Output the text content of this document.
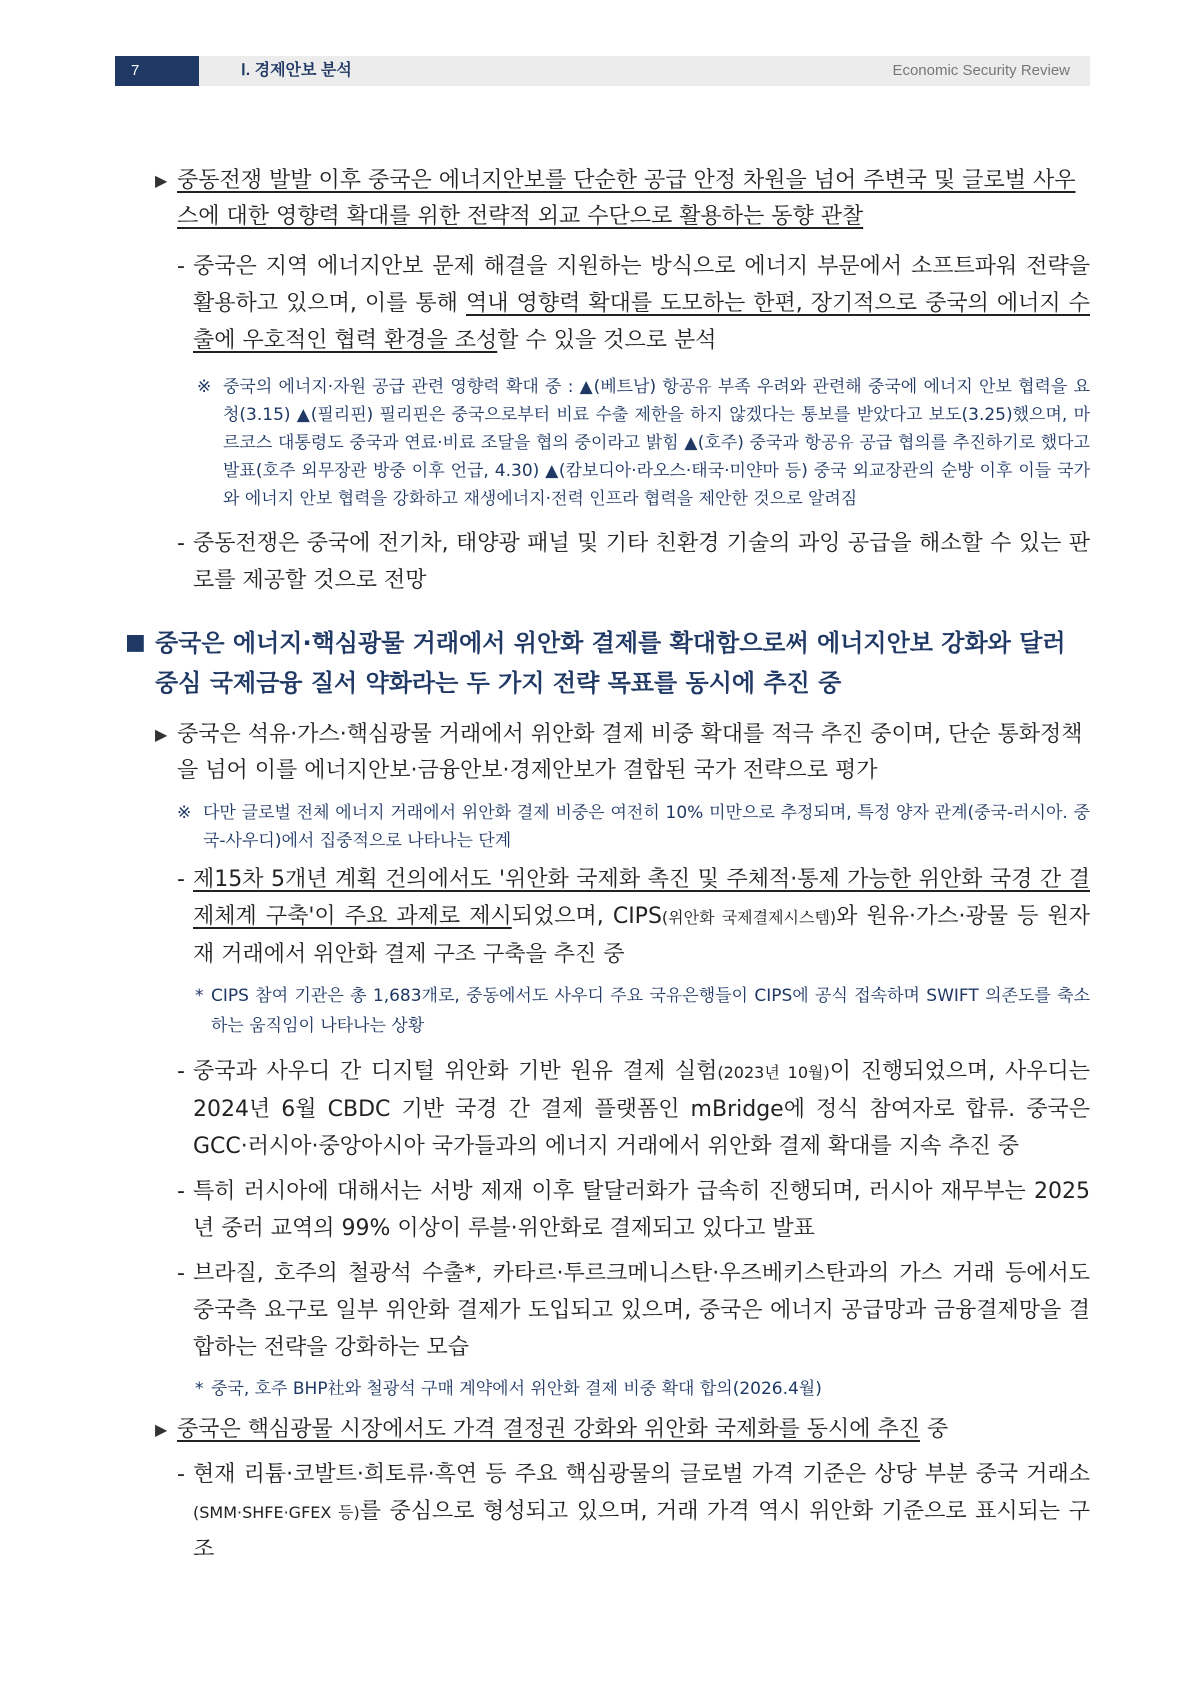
7	Ⅰ. 경제안보 분석	Economic Security Review
▶ 중동전쟁 발발 이후 중국은 에너지안보를 단순한 공급 안정 차원을 넘어 주변국 및 글로벌 사우스에 대한 영향력 확대를 위한 전략적 외교 수단으로 활용하는 동향 관찰
- 중국은 지역 에너지안보 문제 해결을 지원하는 방식으로 에너지 부문에서 소프트파워 전략을 활용하고 있으며, 이를 통해 역내 영향력 확대를 도모하는 한편, 장기적으로 중국의 에너지 수출에 우호적인 협력 환경을 조성할 수 있을 것으로 분석
※ 중국의 에너지·자원 공급 관련 영향력 확대 중 : ▲(베트남) 항공유 부족 우려와 관련해 중국에 에너지 안보 협력을 요청(3.15) ▲(필리핀) 필리핀은 중국으로부터 비료 수출 제한을 하지 않겠다는 통보를 받았다고 보도(3.25)했으며, 마르코스 대통령도 중국과 연료·비료 조달을 협의 중이라고 밝힘 ▲(호주) 중국과 항공유 공급 협의를 추진하기로 했다고 발표(호주 외무장관 방중 이후 언급, 4.30) ▲(캄보디아·라오스·태국·미얀마 등) 중국 외교장관의 순방 이후 이들 국가와 에너지 안보 협력을 강화하고 재생에너지·전력 인프라 협력을 제안한 것으로 알려짐
- 중동전쟁은 중국에 전기차, 태양광 패널 및 기타 친환경 기술의 과잉 공급을 해소할 수 있는 판로를 제공할 것으로 전망
■ 중국은 에너지·핵심광물 거래에서 위안화 결제를 확대함으로써 에너지안보 강화와 달러 중심 국제금융 질서 약화라는 두 가지 전략 목표를 동시에 추진 중
▶ 중국은 석유·가스·핵심광물 거래에서 위안화 결제 비중 확대를 적극 추진 중이며, 단순 통화정책을 넘어 이를 에너지안보·금융안보·경제안보가 결합된 국가 전략으로 평가
※ 다만 글로벌 전체 에너지 거래에서 위안화 결제 비중은 여전히 10% 미만으로 추정되며, 특정 양자 관계(중국-러시아. 중국-사우디)에서 집중적으로 나타나는 단계
- 제15차 5개년 계획 건의에서도 '위안화 국제화 촉진 및 주체적·통제 가능한 위안화 국경 간 결제체계 구축'이 주요 과제로 제시되었으며, CIPS(위안화 국제결제시스템)와 원유·가스·광물 등 원자재 거래에서 위안화 결제 구조 구축을 추진 중
* CIPS 참여 기관은 총 1,683개로, 중동에서도 사우디 주요 국유은행들이 CIPS에 공식 접속하며 SWIFT 의존도를 축소하는 움직임이 나타나는 상황
- 중국과 사우디 간 디지털 위안화 기반 원유 결제 실험(2023년 10월)이 진행되었으며, 사우디는 2024년 6월 CBDC 기반 국경 간 결제 플랫폼인 mBridge에 정식 참여자로 합류. 중국은 GCC·러시아·중앙아시아 국가들과의 에너지 거래에서 위안화 결제 확대를 지속 추진 중
- 특히 러시아에 대해서는 서방 제재 이후 탈달러화가 급속히 진행되며, 러시아 재무부는 2025년 중러 교역의 99% 이상이 루블·위안화로 결제되고 있다고 발표
- 브라질, 호주의 철광석 수출*, 카타르·투르크메니스탄·우즈베키스탄과의 가스 거래 등에서도 중국측 요구로 일부 위안화 결제가 도입되고 있으며, 중국은 에너지 공급망과 금융결제망을 결합하는 전략을 강화하는 모습
* 중국, 호주 BHP社와 철광석 구매 계약에서 위안화 결제 비중 확대 합의(2026.4월)
▶ 중국은 핵심광물 시장에서도 가격 결정권 강화와 위안화 국제화를 동시에 추진 중
- 현재 리튬·코발트·희토류·흑연 등 주요 핵심광물의 글로벌 가격 기준은 상당 부분 중국 거래소(SMM·SHFE·GFEX 등)를 중심으로 형성되고 있으며, 거래 가격 역시 위안화 기준으로 표시되는 구조
